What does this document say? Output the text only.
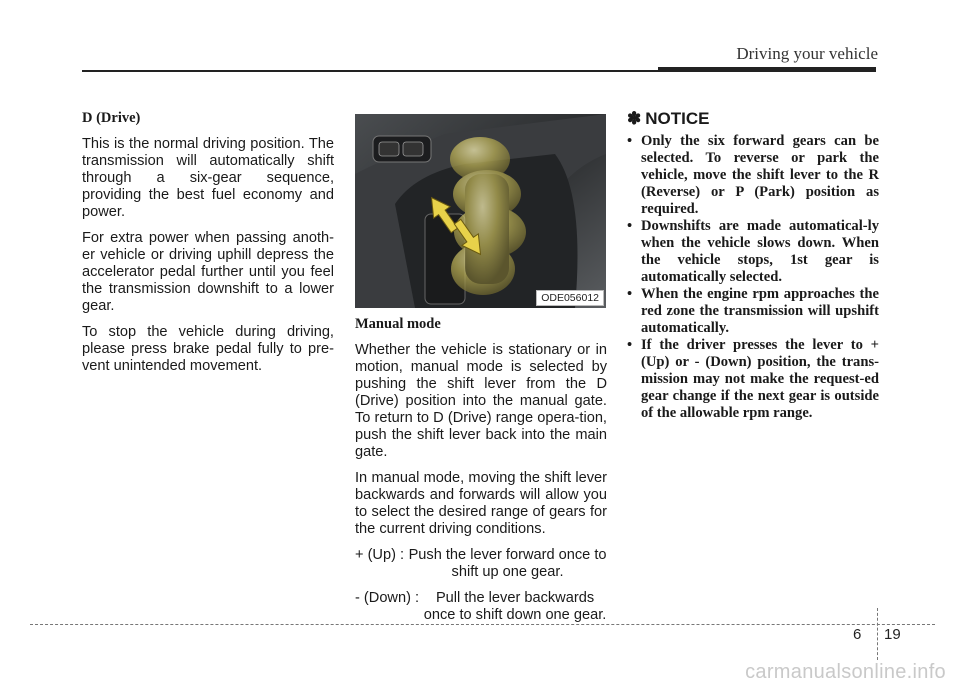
Driving your vehicle

D (Drive)

This is the normal driving position. The transmission will automatically shift through a six-gear sequence, providing the best fuel economy and power.

For extra power when passing anoth-er vehicle or driving uphill depress the accelerator pedal further until you feel the transmission downshift to a lower gear.

To stop the vehicle during driving, please press brake pedal fully to pre-vent unintended movement.

ODE056012

Manual mode

Whether the vehicle is stationary or in motion, manual mode is selected by pushing the shift lever from the D (Drive) position into the manual gate. To return to D (Drive) range opera-tion, push the shift lever back into the main gate.

In manual mode, moving the shift lever backwards and forwards will allow you to select the desired range of gears for the current driving conditions.

+ (Up) : Push the lever forward once to shift up one gear.
- (Down) :	Pull the lever backwards once to shift down one gear.
✽ NOTICE
• Only the six forward gears can be selected. To reverse or park the vehicle, move the shift lever to the R (Reverse) or P (Park) position as required.
• Downshifts are made automatical-ly when the vehicle slows down. When the vehicle stops, 1st gear is automatically selected.
• When the engine rpm approaches the red zone the transmission will upshift automatically.
• If the driver presses the lever to + (Up) or - (Down) position, the trans-mission may not make the request-ed gear change if the next gear is outside of the allowable rpm range.
6 19
carmanualsonline.info
